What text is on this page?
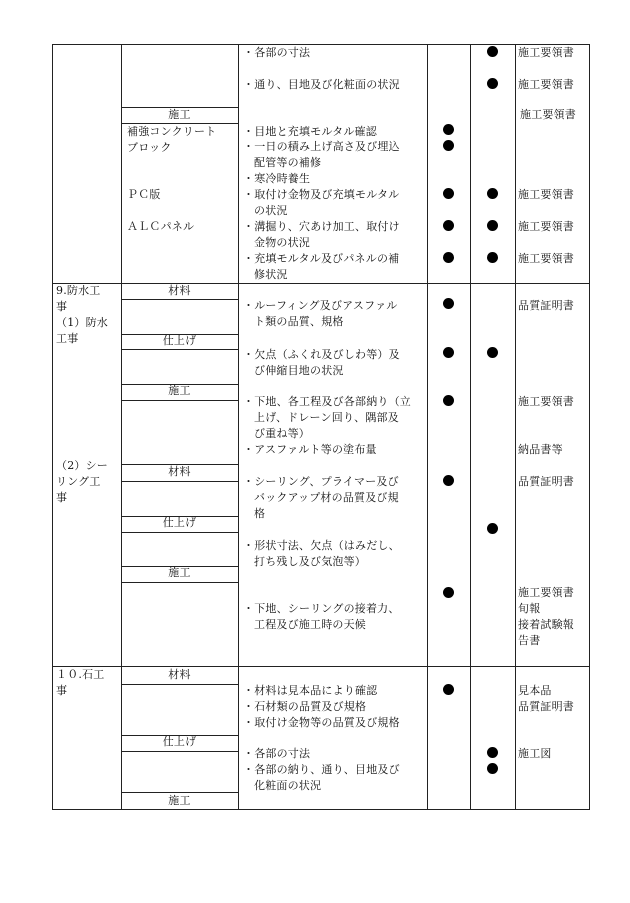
9.防水工
事
（1）防水
工事
（2）シー
リング工
事
１０.石工
事
施工
補強コンクリート
ブロック
ＰＣ版
ＡＬＣパネル
材料
仕上げ
施工
材料
仕上げ
施工
材料
仕上げ
施工
・各部の寸法
・通り、目地及び化粧面の状況
・目地と充填モルタル確認
・一日の積み上げ高さ及び埋込
配管等の補修
・寒冷時養生
・取付け金物及び充填モルタル
の状況
・溝掘り、穴あけ加工、取付け
金物の状況
・充填モルタル及びパネルの補
修状況
・ルーフィング及びアスファル
ト類の品質、規格
・欠点（ふくれ及びしわ等）及
び伸縮目地の状況
・下地、各工程及び各部納り（立
上げ、ドレーン回り、隅部及
び重ね等）
・アスファルト等の塗布量
・シーリング、プライマー及び
バックアップ材の品質及び規
格
・形状寸法、欠点（はみだし、
打ち残し及び気泡等）
・下地、シーリングの接着力、
工程及び施工時の天候
・材料は見本品により確認
・石材類の品質及び規格
・取付け金物等の品質及び規格
・各部の寸法
・各部の納り、通り、目地及び
化粧面の状況
施工要領書
施工要領書
施工要領書
施工要領書
施工要領書
施工要領書
品質証明書
施工要領書
納品書等
品質証明書
施工要領書
旬報
接着試験報
告書
見本品
品質証明書
施工図
